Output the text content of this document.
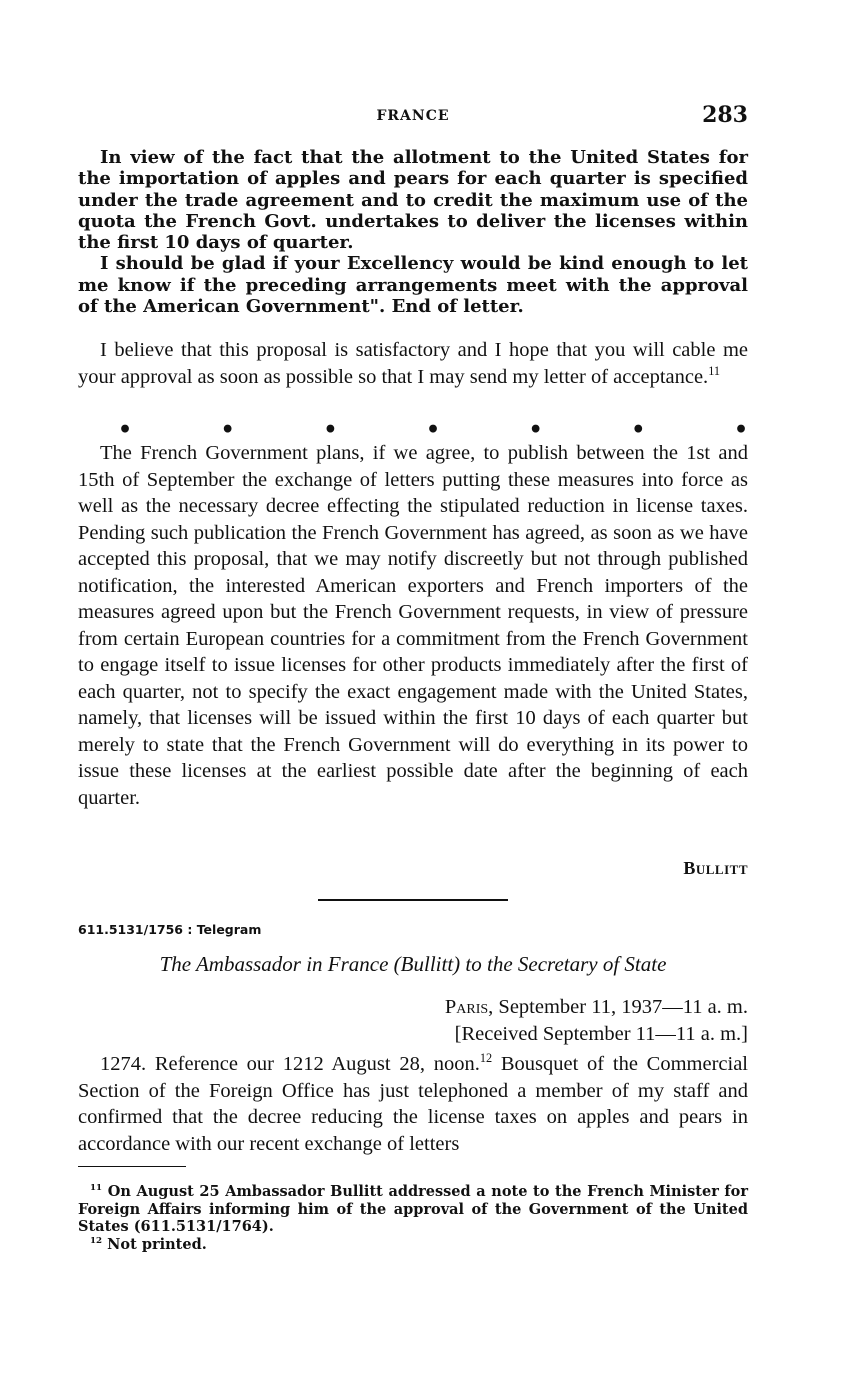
FRANCE	283

In view of the fact that the allotment to the United States for the importation of apples and pears for each quarter is specified under the trade agreement and to credit the maximum use of the quota the French Govt. undertakes to deliver the licenses within the first 10 days of quarter.

I should be glad if your Excellency would be kind enough to let me know if the preceding arrangements meet with the approval of the American Government". End of letter.

I believe that this proposal is satisfactory and I hope that you will cable me your approval as soon as possible so that I may send my letter of acceptance.$^{11}$

•	•	•	•	•	•	•

The French Government plans, if we agree, to publish between the 1st and 15th of September the exchange of letters putting these measures into force as well as the necessary decree effecting the stipulated reduction in license taxes. Pending such publication the French Government has agreed, as soon as we have accepted this proposal, that we may notify discreetly but not through published notification, the interested American exporters and French importers of the measures agreed upon but the French Government requests, in view of pressure from certain European countries for a commitment from the French Government to engage itself to issue licenses for other products immediately after the first of each quarter, not to specify the exact engagement made with the United States, namely, that licenses will be issued within the first 10 days of each quarter but merely to state that the French Government will do everything in its power to issue these licenses at the earliest possible date after the beginning of each quarter.

Bullitt
611.5131/1756 : Telegram
The Ambassador in France (Bullitt) to the Secretary of State
Paris, September 11, 1937—11 a. m.
[Received September 11—11 a. m.]

1274. Reference our 1212 August 28, noon.$^{12}$ Bousquet of the Commercial Section of the Foreign Office has just telephoned a member of my staff and confirmed that the decree reducing the license taxes on apples and pears in accordance with our recent exchange of letters

$^{11}$ On August 25 Ambassador Bullitt addressed a note to the French Minister for Foreign Affairs informing him of the approval of the Government of the United States (611.5131/1764).

$^{12}$ Not printed.
